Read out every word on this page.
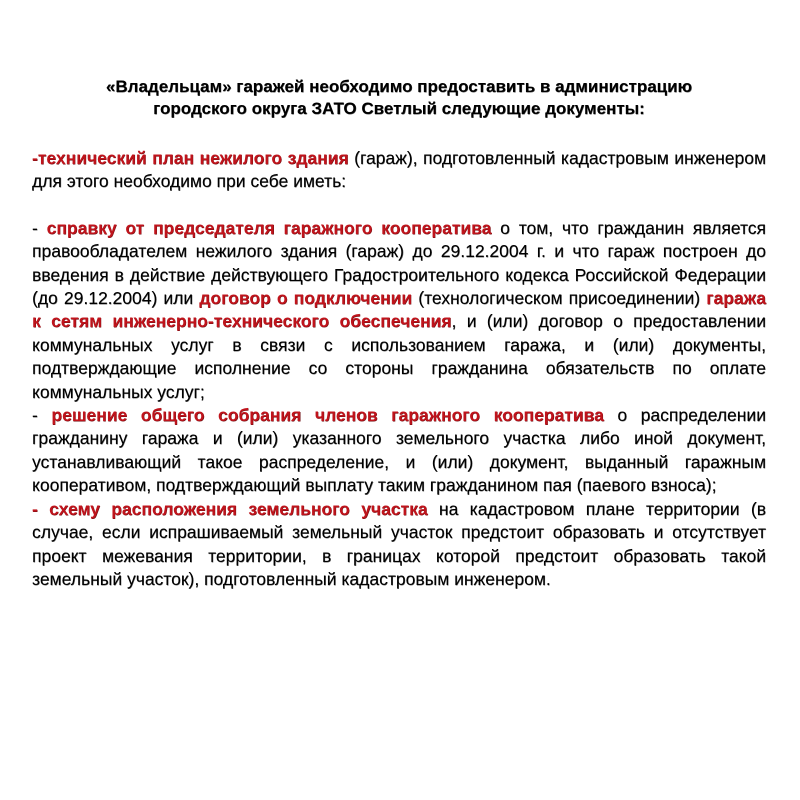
«Владельцам» гаражей необходимо предоставить в администрацию
городского округа ЗАТО Светлый следующие документы:

-технический план нежилого здания (гараж), подготовленный кадастровым инженером для этого необходимо при себе иметь:

- справку от председателя гаражного кооператива о том, что гражданин является правообладателем нежилого здания (гараж) до 29.12.2004 г. и что гараж построен до введения в действие действующего Градостроительного кодекса Российской Федерации (до 29.12.2004) или договор о подключении (технологическом присоединении) гаража к сетям инженерно-технического обеспечения, и (или) договор о предоставлении коммунальных услуг в связи с использованием гаража, и (или) документы, подтверждающие исполнение со стороны гражданина обязательств по оплате коммунальных услуг;

- решение общего собрания членов гаражного кооператива о распределении гражданину гаража и (или) указанного земельного участка либо иной документ, устанавливающий такое распределение, и (или) документ, выданный гаражным кооперативом, подтверждающий выплату таким гражданином пая (паевого взноса);

- схему расположения земельного участка на кадастровом плане территории (в случае, если испрашиваемый земельный участок предстоит образовать и отсутствует проект межевания территории, в границах которой предстоит образовать такой земельный участок), подготовленный кадастровым инженером.
